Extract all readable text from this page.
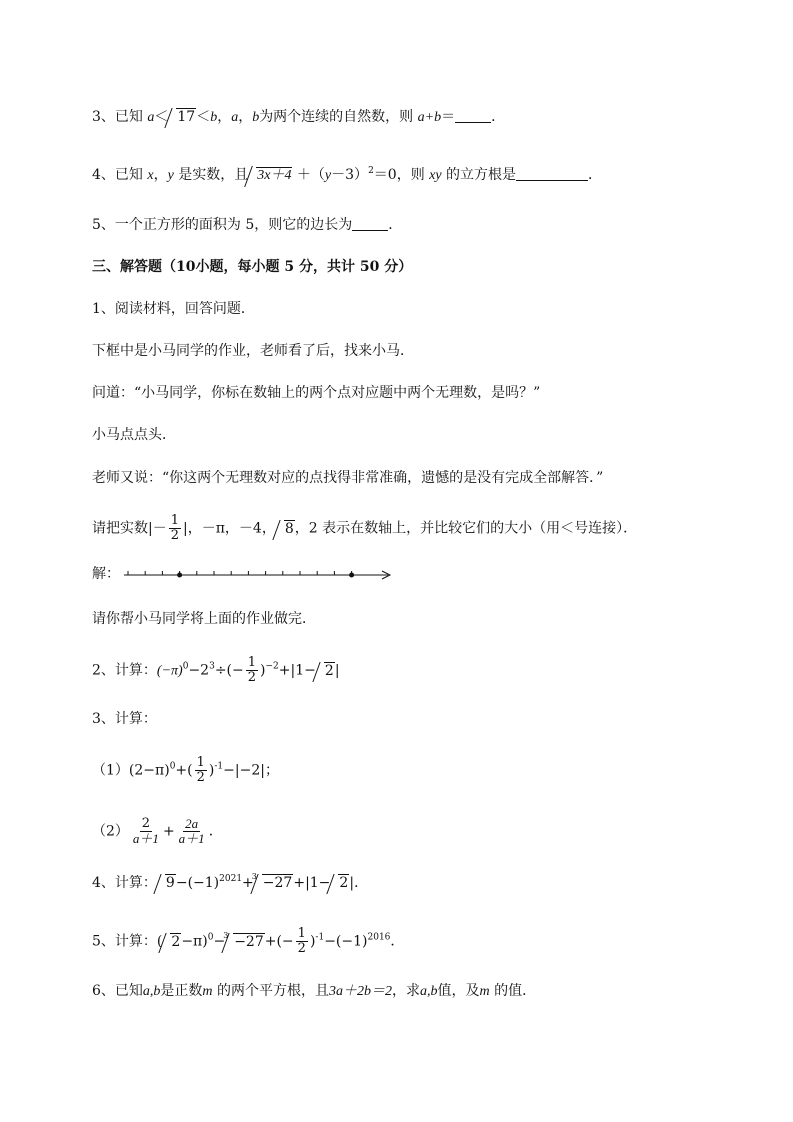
3、已知 a＜ 17＜b，a，b为两个连续的自然数，则 a+b＝	．
4、已知 x，y 是实数，且 $3x+4 +(y-3)^2=0$，则 xy 的立方根是	．
5、一个正方形的面积为 5，则它的边长为	．
三、解答题（10小题，每小题 5 分，共计 50 分）
1、阅读材料，回答问题．
下框中是小马同学的作业，老师看了后，找来小马．
问道：“小马同学，你标在数轴上的两个点对应题中两个无理数，是吗？”
小马点点头．
老师又说：“你这两个无理数对应的点找得非常准确，遗憾的是没有完成全部解答．”
请把实数|－ $\frac{1}{2}$ |，－π，－4， 8，2 表示在数轴上，并比较它们的大小（用＜号连接）．
解：
请你帮小马同学将上面的作业做完．
2、计算：$(-\pi)^0-2^3\div(- \frac{1}{2} )^{-2}+|1- 2|$
3、计算：
$(1)(2-\pi)^0+( \frac{1}{2} )^{-1}-|-2|$；
$(2) \frac{2}{a+1} + \frac{2a}{a+1}$ ．
4、计算： $9-(-1)^{2021}+$
3 −27+|1− 2|．
5、计算：( 2−π)$^0$−
$3 -27+(- \frac{1}{2} )^{-1}-(-1)^{2016}$．
6、已知a,b是正数m 的两个平方根，且3a＋2b＝2，求a,b值，及m 的值．
